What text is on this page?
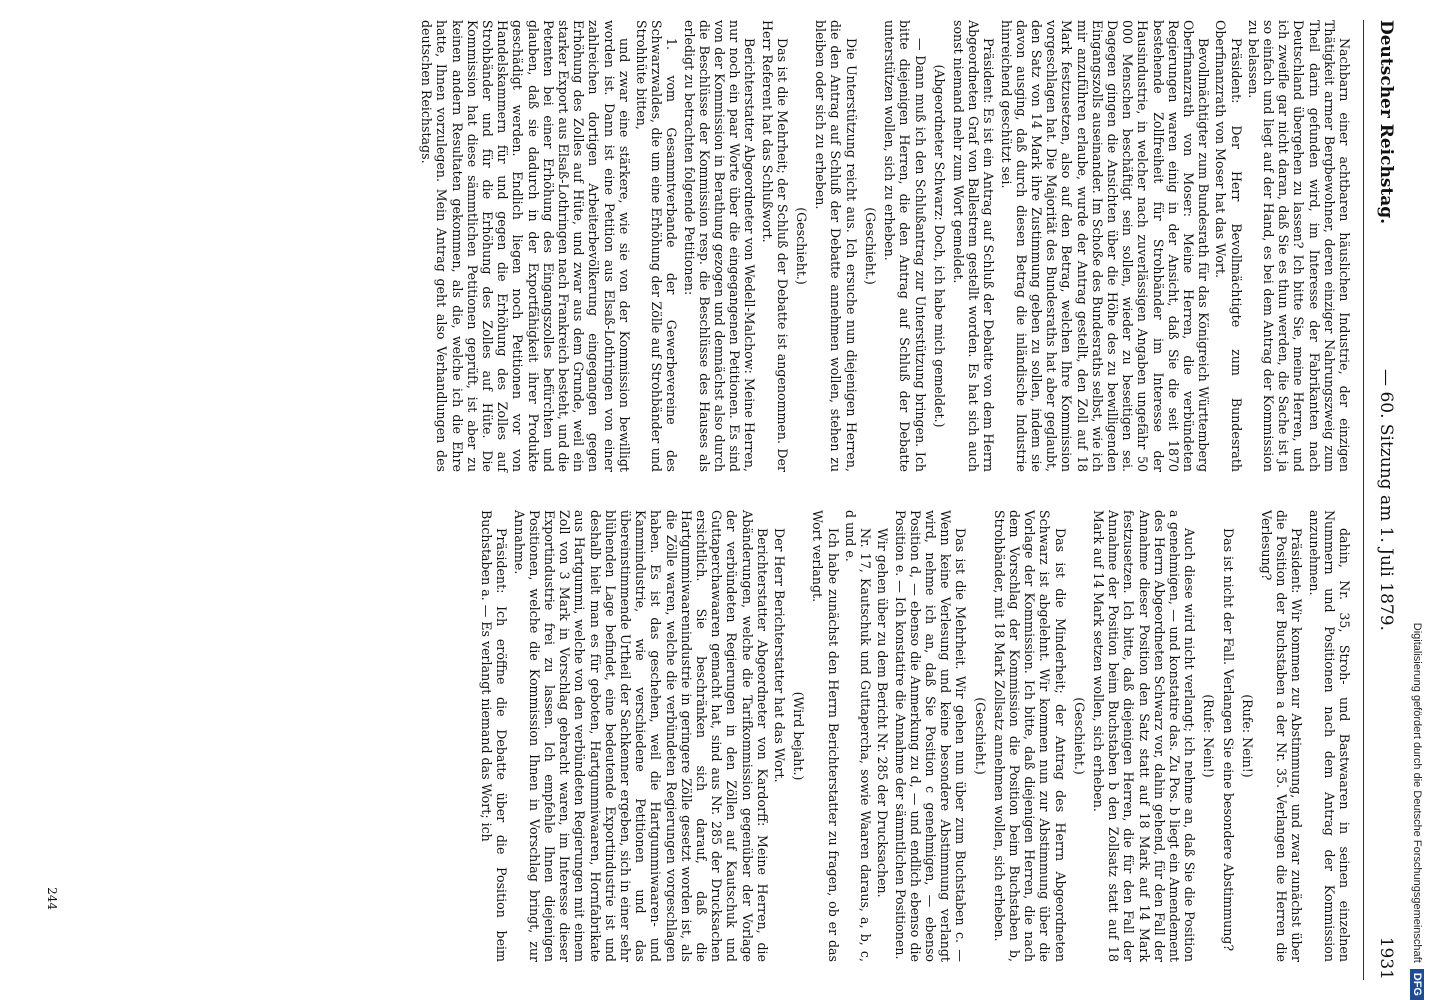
Deutscher Reichstag.
— 60. Sitzung am 1. Juli 1879.
1931

Nachbarn einer achtbaren häuslichen Industrie, der einzigen Thätigkeit armer Bergbewohner, deren einziger Nahrungszweig zum Theil darin gefunden wird, im Interesse der Fabrikanten nach Deutschland übergehen zu lassen? Ich bitte Sie, meine Herren, und ich zweifle gar nicht daran, daß Sie es thun werden, die Sache ist ja so einfach und liegt auf der Hand, es bei dem Antrag der Kommission zu belassen.

Präsident: Der Herr Bevollmächtigte zum Bundesrath Oberfinanzrath von Moser hat das Wort.

Bevollmächtigter zum Bundesrath für das Königreich Württemberg Oberfinanzrath von Moser: Meine Herren, die verbündeten Regierungen waren einig in der Ansicht, daß Sie die seit 1870 bestehende Zollfreiheit für Strohbänder im Interesse der Hausindustrie, in welcher nach zuverlässigen Angaben ungefähr 50 000 Menschen beschäftigt sein sollen, wieder zu beseitigen sei. Dagegen gingen die Ansichten über die Höhe des zu bewilligenden Eingangszolls auseinander. Im Schoße des Bundesraths selbst, wie ich mir anzuführen erlaube, wurde der Antrag gestellt, den Zoll auf 18 Mark festzusetzen, also auf den Betrag, welchen Ihre Kommission vorgeschlagen hat. Die Majorität des Bundesraths hat aber geglaubt, den Satz von 14 Mark ihre Zustimmung geben zu sollen, indem sie davon ausging, daß durch diesen Betrag die inländische Industrie hinreichend geschützt sei.

Präsident: Es ist ein Antrag auf Schluß der Debatte von dem Herrn Abgeordneten Graf von Ballestrem gestellt worden. Es hat sich auch sonst niemand mehr zum Wort gemeldet.

(Abgeordneter Schwarz: Doch, ich habe mich gemeldet.)

— Dann muß ich den Schlußantrag zur Unterstützung bringen. Ich bitte diejenigen Herren, die den Antrag auf Schluß der Debatte unterstützen wollen, sich zu erheben.

(Geschieht.)

Die Unterstützung reicht aus. Ich ersuche nun diejenigen Herren, die den Antrag auf Schluß der Debatte annehmen wollen, stehen zu bleiben oder sich zu erheben.

(Geschieht.)

Das ist die Mehrheit; der Schluß der Debatte ist angenommen. Der Herr Referent hat das Schlußwort.

Berichterstatter Abgeordneter von Wedell-Malchow: Meine Herren, nur noch ein paar Worte über die eingegangenen Petitionen. Es sind von der Kommission in Berathung gezogen und demnächst also durch die Beschlüsse der Kommission resp. die Beschlüsse des Hauses als erledigt zu betrachten folgende Petitionen:

1. vom Gesammtverbande der Gewerbevereine des Schwarzwaldes, die um eine Erhöhung der Zölle auf Strohbänder und Strohhüte bitten,

und zwar eine stärkere, wie sie von der Kommission bewilligt worden ist. Dann ist eine Petition aus Elsaß-Lothringen von einer zahlreichen dortigen Arbeiterbevölkerung eingegangen gegen Erhöhung des Zolles auf Hüte, und zwar aus dem Grunde, weil ein starker Export aus Elsaß-Lothringen nach Frankreich besteht, und die Petenten bei einer Erhöhung des Eingangszolles befürchten und glauben, daß sie dadurch in der Exportfähigkeit ihrer Produkte geschädigt werden. Endlich liegen noch Petitionen vor von Handelskammern für und gegen die Erhöhung des Zolles auf Strohbänder und für die Erhöhung des Zolles auf Hüte. Die Kommission hat diese sämmtlichen Petitionen geprüft, ist aber zu keinen andern Resultaten gekommen, als die, welche ich die Ehre hatte, Ihnen vorzulegen. Mein Antrag geht also Verhandlungen des deutschen Reichstags.

dahin, Nr. 35, Stroh- und Bastwaaren in seinen einzelnen Nummern und Positionen nach dem Antrag der Kommission anzunehmen.

Präsident: Wir kommen zur Abstimmung, und zwar zunächst über die Position der Buchstaben a der Nr. 35. Verlangen die Herren die Verlesung?

(Rufe: Nein!)

Das ist nicht der Fall. Verlangen Sie eine besondere Abstimmung?

(Rufe: Nein!)

Auch diese wird nicht verlangt; ich nehme an, daß Sie die Position a genehmigen, — und konstatire das. Zu Pos. b liegt ein Amendement des Herrn Abgeordneten Schwarz vor, dahin gehend, für den Fall der Annahme dieser Position den Satz statt auf 18 Mark auf 14 Mark festzusetzen. Ich bitte, daß diejenigen Herren, die für den Fall der Annahme der Position beim Buchstaben b den Zollsatz statt auf 18 Mark auf 14 Mark setzen wollen, sich erheben.

(Geschieht.)

Das ist die Minderheit; der Antrag des Herrn Abgeordneten Schwarz ist abgelehnt. Wir kommen nun zur Abstimmung über die Vorlage der Kommission. Ich bitte, daß diejenigen Herren, die nach dem Vorschlag der Kommission die Position beim Buchstaben b, Strohbänder, mit 18 Mark Zollsatz annehmen wollen, sich erheben.

(Geschieht.)

Das ist die Mehrheit. Wir gehen nun über zum Buchstaben c. — Wenn keine Verlesung und keine besondere Abstimmung verlangt wird, nehme ich an, daß Sie Position c genehmigen, — ebenso Position d, — ebenso die Anmerkung zu d, — und endlich ebenso die Position e. — Ich konstatire die Annahme der sämmtlichen Positionen.

Wir gehen über zu dem Bericht Nr. 285 der Drucksachen.

Nr. 17, Kautschuk und Guttapercha, sowie Waaren daraus, a, b, c, d und e.

Ich habe zunächst den Herrn Berichterstatter zu fragen, ob er das Wort verlangt.

(Wird bejaht.)

Der Herr Berichterstatter hat das Wort.

Berichterstatter Abgeordneter von Kardorff: Meine Herren, die Abänderungen, welche die Tarifkommission gegenüber der Vorlage der verbündeten Regierungen in den Zöllen auf Kautschuk und Guttaperchawaaren gemacht hat, sind aus Nr. 285 der Drucksachen ersichtlich. Sie beschränken sich darauf, daß die Hartgummiwaarenindustrie in geringere Zölle gesetzt worden ist, als die Zölle waren, welche die verbündeten Regierungen vorgeschlagen haben. Es ist das geschehen, weil die Hartgummiwaaren- und Kammindustrie, wie verschiedene Petitionen und das übereinstimmende Urtheil der Sachkenner ergeben, sich in einer sehr blühenden Lage befindet, eine bedeutende Exportindustrie ist und deshalb hielt man es für geboten, Hartgummiwaaren, Hornfabrikate aus Hartgummi, welche von den verbündeten Regierungen mit einem Zoll von 3 Mark in Vorschlag gebracht waren, im Interesse dieser Exportindustrie frei zu lassen. Ich empfehle Ihnen diejenigen Positionen, welche die Kommission Ihnen in Vorschlag bringt, zur Annahme.

Präsident: Ich eröffne die Debatte über die Position beim Buchstaben a. — Es verlangt niemand das Wort; ich

244	Digitalisierung gefördert durch die Deutsche Forschungsgemeinschaft
DFG
